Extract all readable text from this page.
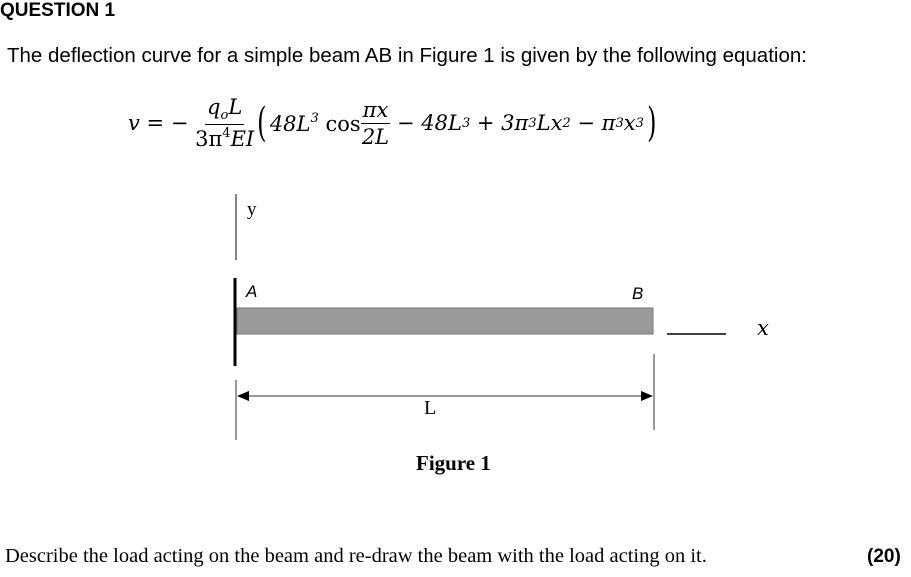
QUESTION 1
The deflection curve for a simple beam AB in Figure 1 is given by the following equation:
v =
−
$\frac{q_oL}{3\pi^4EI}$ ( $48L^3$ $\cos \frac{\pi x}{2L}$
− 48L 3
+ 3π 3 Lx 2
− π 3 x 3 )
y
A	B
x
L
Figure 1
Describe the load acting on the beam and re-draw the beam with the load acting on it.	(20)
